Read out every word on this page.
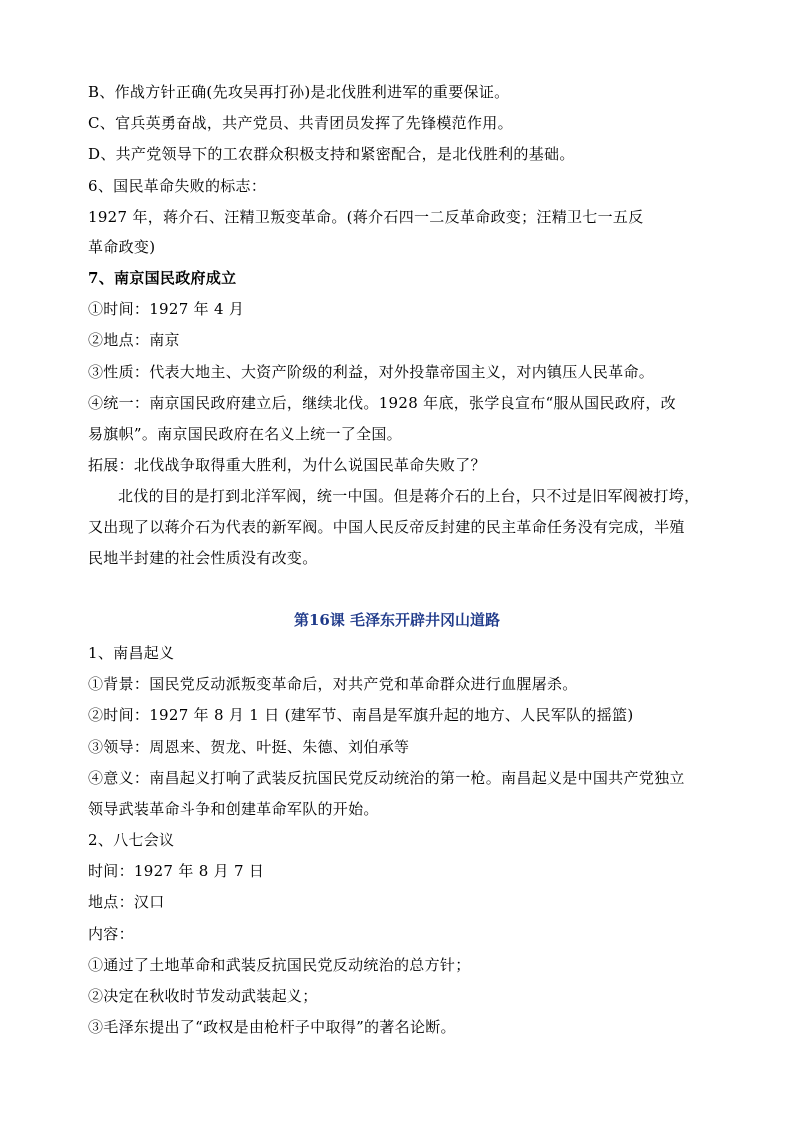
B、作战方针正确(先攻吴再打孙)是北伐胜利进军的重要保证。
C、官兵英勇奋战，共产党员、共青团员发挥了先锋模范作用。
D、共产党领导下的工农群众积极支持和紧密配合，是北伐胜利的基础。
6、国民革命失败的标志：
1927 年，蒋介石、汪精卫叛变革命。(蒋介石四一二反革命政变；汪精卫七一五反
革命政变)
7、南京国民政府成立
①时间：1927 年 4 月
②地点：南京
③性质：代表大地主、大资产阶级的利益，对外投靠帝国主义，对内镇压人民革命。
④统一：南京国民政府建立后，继续北伐。1928 年底，张学良宣布“服从国民政府，改
易旗帜”。南京国民政府在名义上统一了全国。
拓展：北伐战争取得重大胜利，为什么说国民革命失败了？
北伐的目的是打到北洋军阀，统一中国。但是蒋介石的上台，只不过是旧军阀被打垮，
又出现了以蒋介石为代表的新军阀。中国人民反帝反封建的民主革命任务没有完成，半殖
民地半封建的社会性质没有改变。
第16课 毛泽东开辟井冈山道路
1、南昌起义
①背景：国民党反动派叛变革命后，对共产党和革命群众进行血腥屠杀。
②时间：1927 年 8 月 1 日 (建军节、南昌是军旗升起的地方、人民军队的摇篮)
③领导：周恩来、贺龙、叶挺、朱德、刘伯承等
④意义：南昌起义打响了武装反抗国民党反动统治的第一枪。南昌起义是中国共产党独立
领导武装革命斗争和创建革命军队的开始。
2、八七会议
时间：1927 年 8 月 7 日
地点：汉口
内容：
①通过了土地革命和武装反抗国民党反动统治的总方针；
②决定在秋收时节发动武装起义；
③毛泽东提出了“政权是由枪杆子中取得”的著名论断。
